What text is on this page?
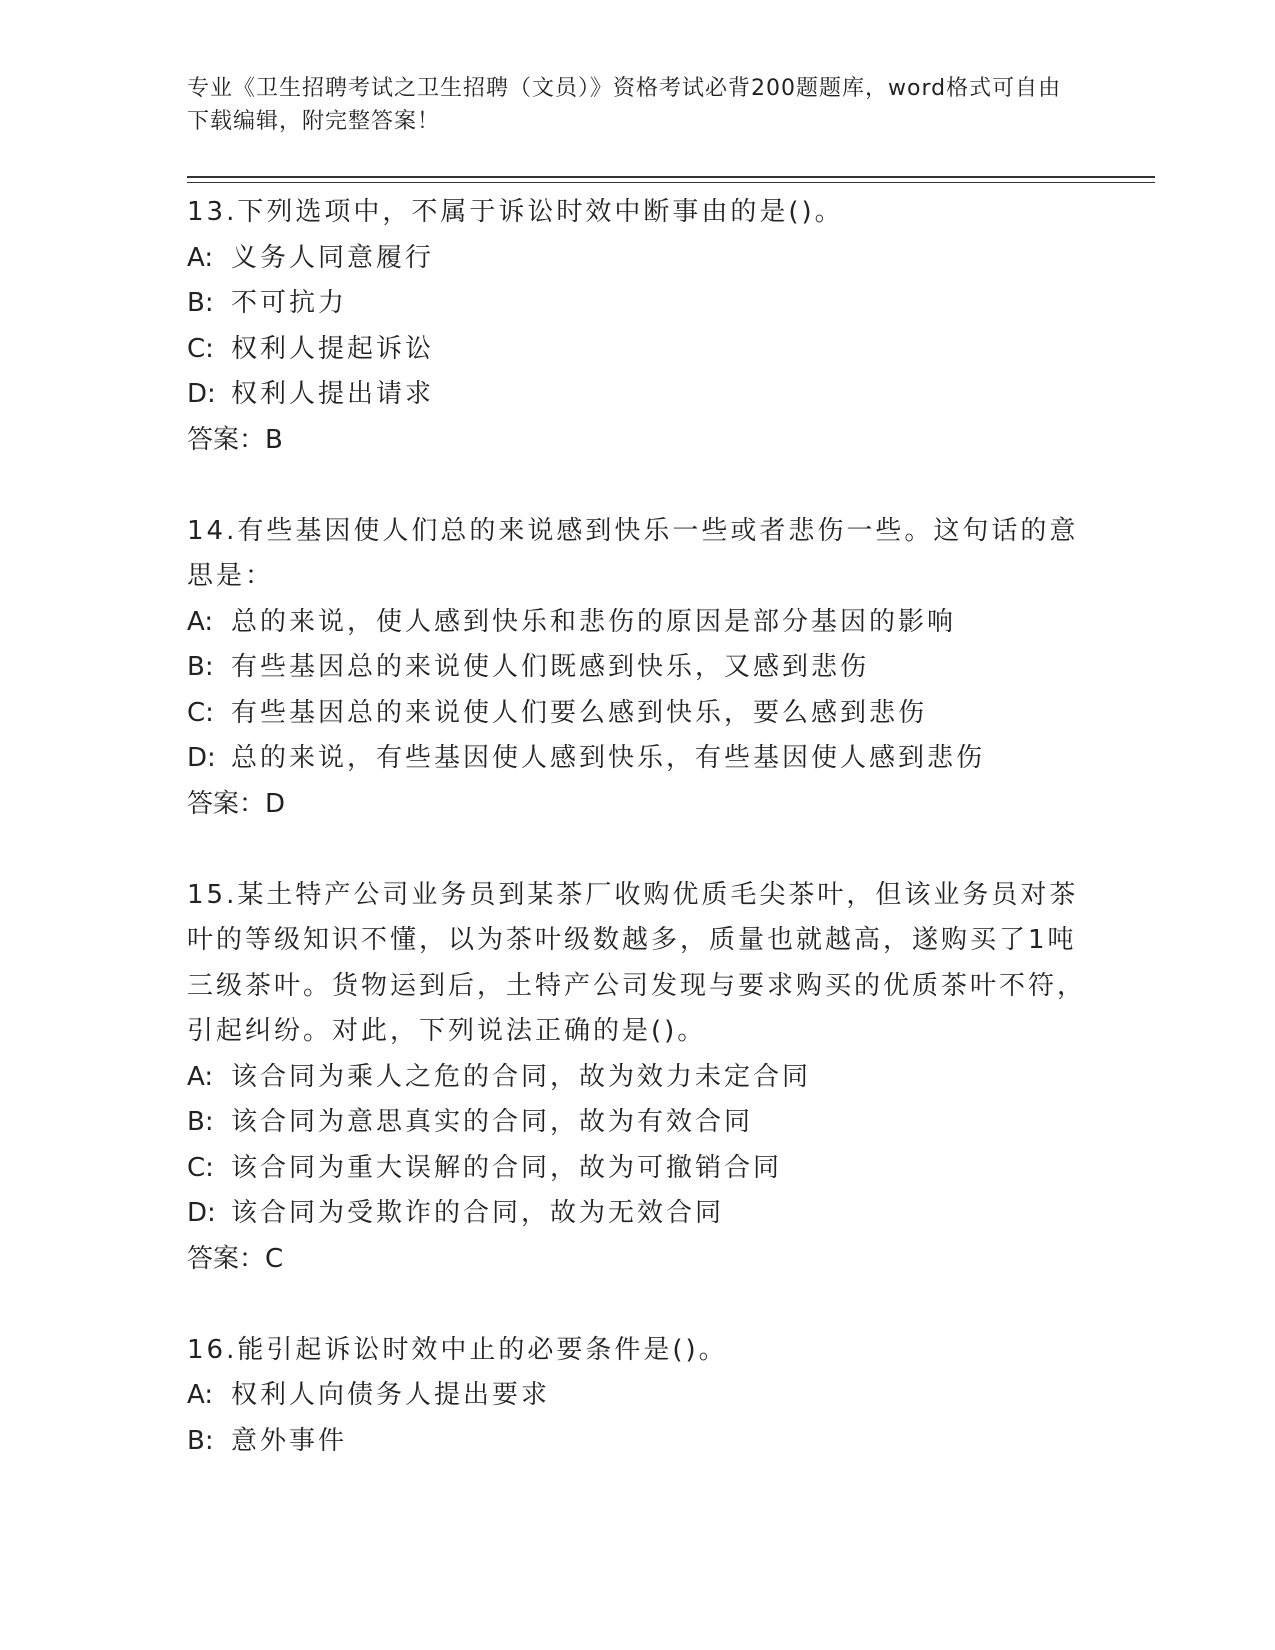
专业《卫生招聘考试之卫生招聘（文员）》资格考试必背200题题库，word格式可自由下载编辑，附完整答案！

13.下列选项中，不属于诉讼时效中断事由的是()。

A: 义务人同意履行

B: 不可抗力

C: 权利人提起诉讼

D: 权利人提出请求

答案：B

14.有些基因使人们总的来说感到快乐一些或者悲伤一些。这句话的意思是：

A: 总的来说，使人感到快乐和悲伤的原因是部分基因的影响

B: 有些基因总的来说使人们既感到快乐，又感到悲伤

C: 有些基因总的来说使人们要么感到快乐，要么感到悲伤

D: 总的来说，有些基因使人感到快乐，有些基因使人感到悲伤

答案：D

15.某土特产公司业务员到某茶厂收购优质毛尖茶叶，但该业务员对茶叶的等级知识不懂，以为茶叶级数越多，质量也就越高，遂购买了1吨三级茶叶。货物运到后，土特产公司发现与要求购买的优质茶叶不符，引起纠纷。对此，下列说法正确的是()。

A: 该合同为乘人之危的合同，故为效力未定合同

B: 该合同为意思真实的合同，故为有效合同

C: 该合同为重大误解的合同，故为可撤销合同

D: 该合同为受欺诈的合同，故为无效合同

答案：C

16.能引起诉讼时效中止的必要条件是()。

A: 权利人向债务人提出要求

B: 意外事件
